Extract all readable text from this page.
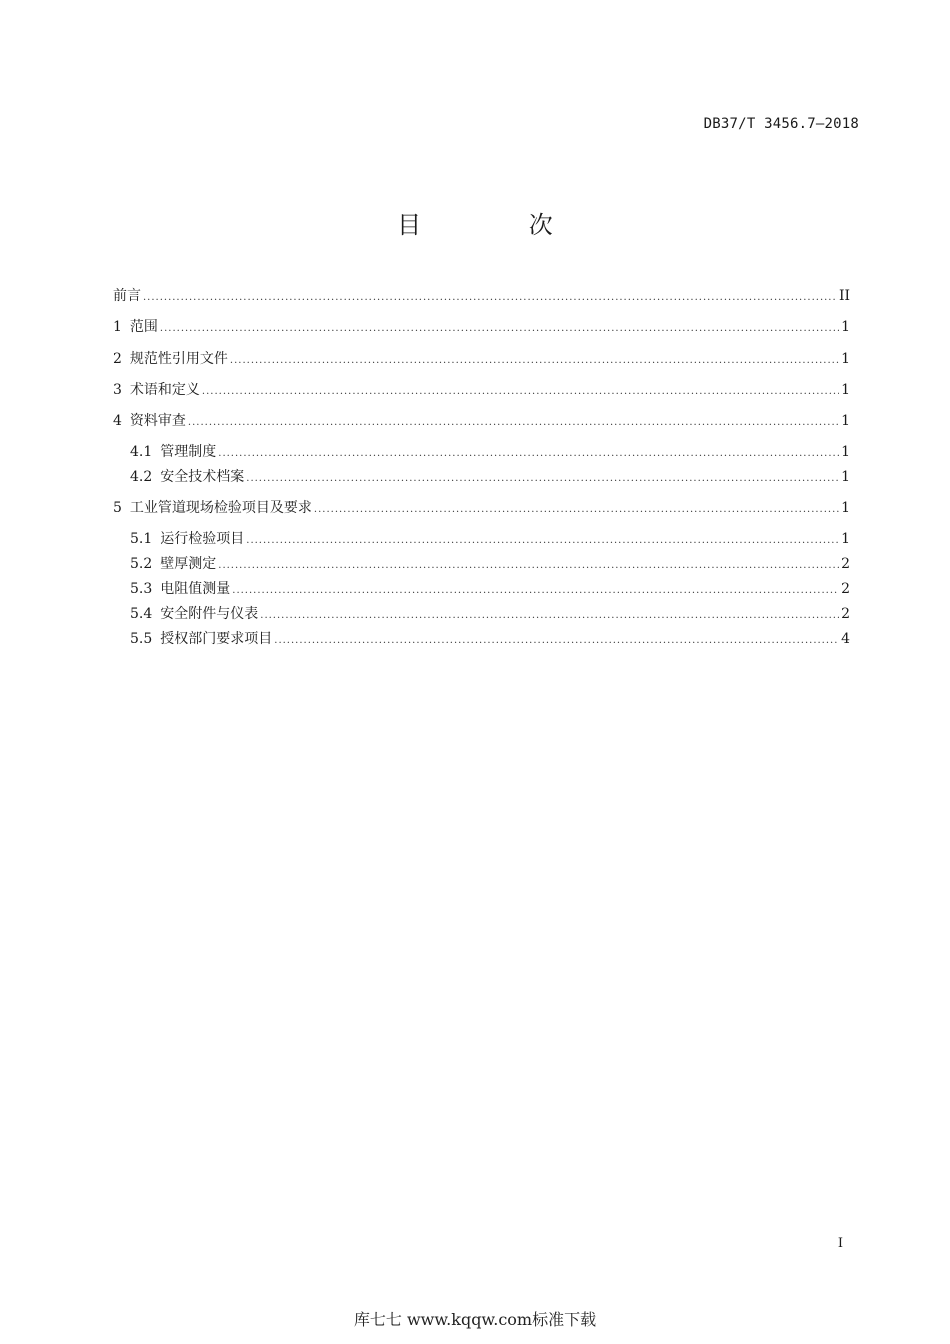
DB37/T 3456.7—2018
目 次
前言 .....	II
1 范围 .....	1
2 规范性引用文件 .....	1
3 术语和定义 .....	1
4 资料审查 .....	1
4.1 管理制度 .....	1
4.2 安全技术档案 .....	1
5 工业管道现场检验项目及要求 .....	1
5.1 运行检验项目 .....	1
5.2 壁厚测定 .....	2
5.3 电阻值测量 .....	2
5.4 安全附件与仪表 .....	2
5.5 授权部门要求项目 .....	4
I
库七七 www.kqqw.com标准下载
